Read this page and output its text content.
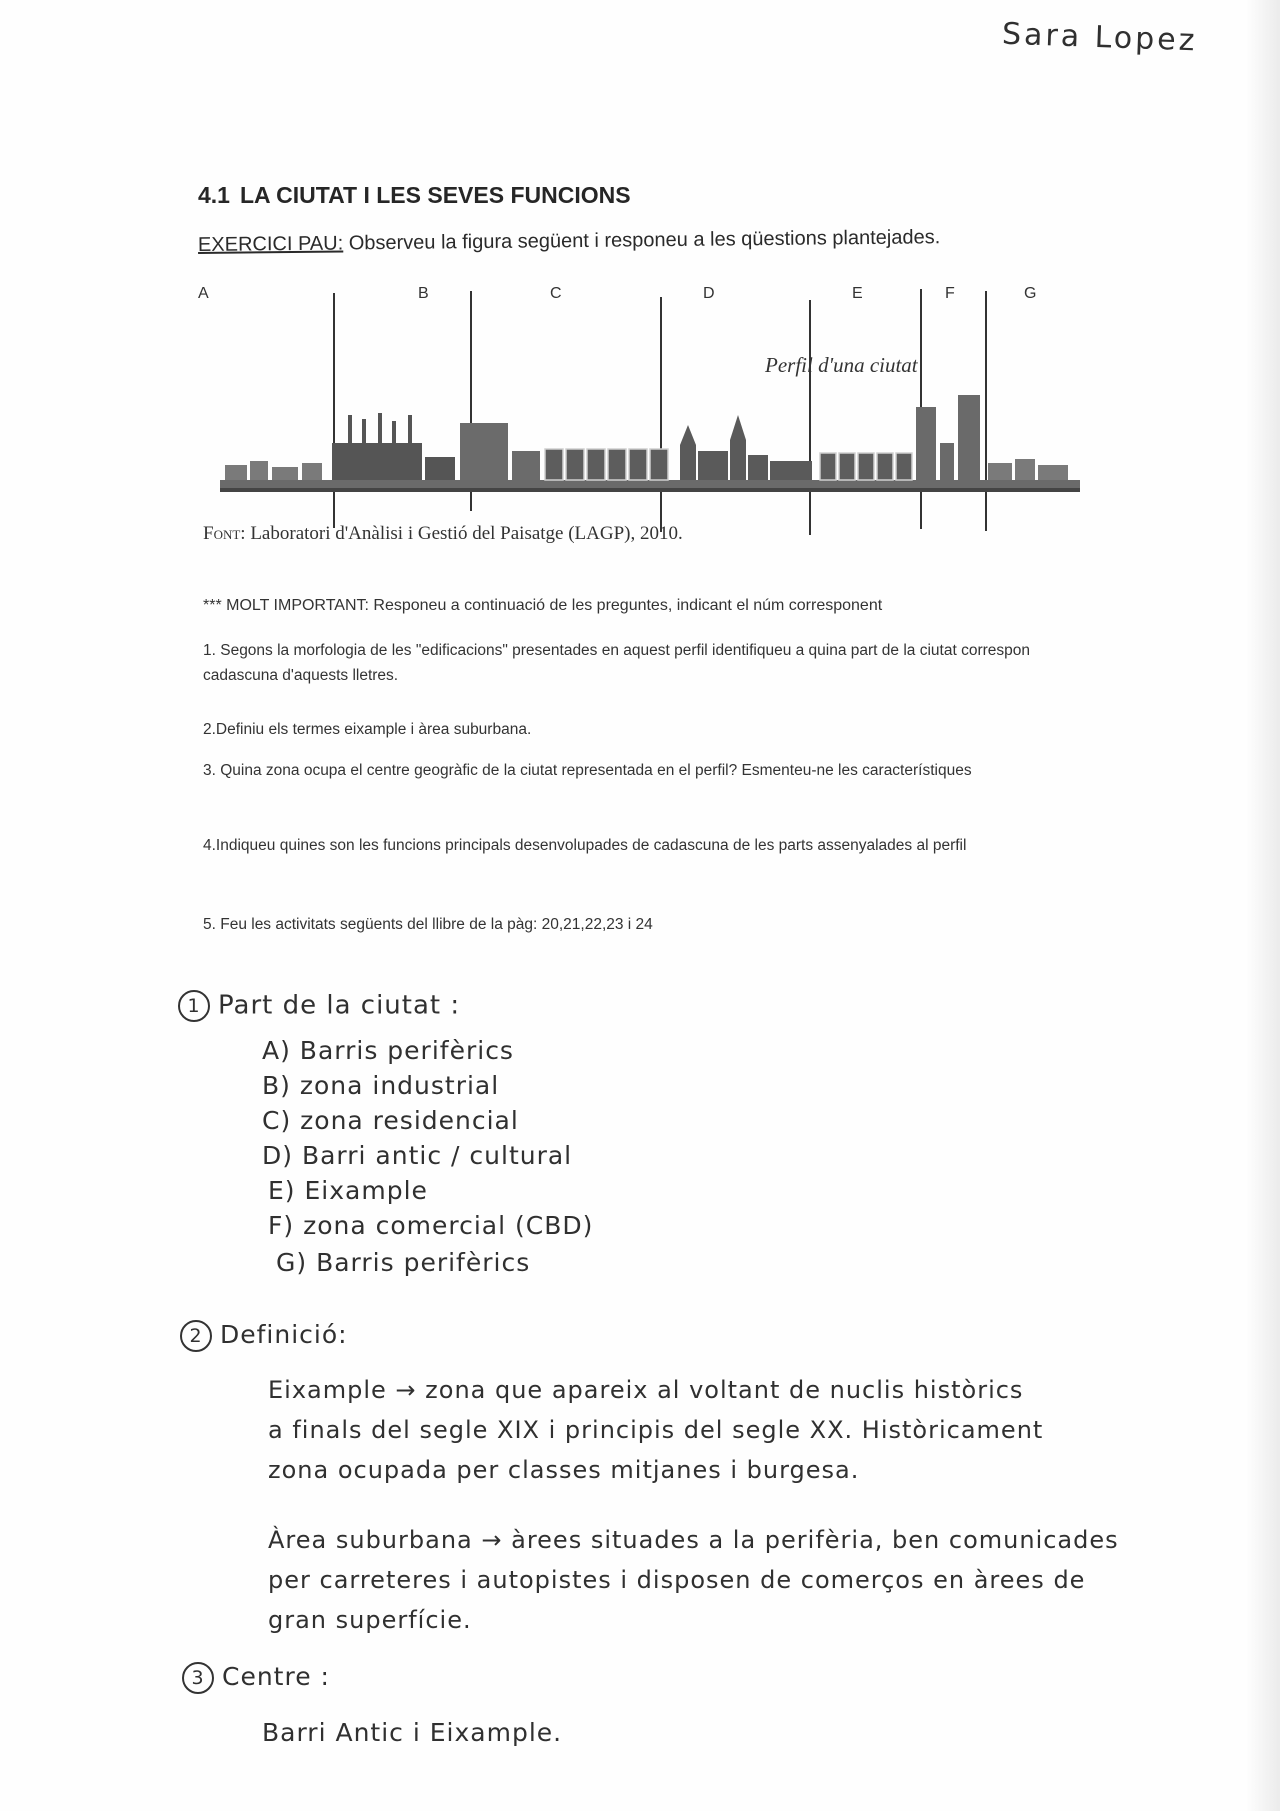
Sara Lopez
4.1 LA CIUTAT I LES SEVES FUNCIONS
EXERCICI PAU: Observeu la figura següent i responeu a les qüestions plantejades.
A	B	C	D	E	F	G
Perfil d'una ciutat
Font: Laboratori d'Anàlisi i Gestió del Paisatge (LAGP), 2010.
*** MOLT IMPORTANT: Responeu a continuació de les preguntes, indicant el núm corresponent
1. Segons la morfologia de les "edificacions" presentades en aquest perfil identifiqueu a quina part de la ciutat correspon cadascuna d'aquests lletres.
2.Definiu els termes eixample i àrea suburbana.
3. Quina zona ocupa el centre geogràfic de la ciutat representada en el perfil? Esmenteu-ne les característiques
4.Indiqueu quines son les funcions principals desenvolupades de cadascuna de les parts assenyalades al perfil
5. Feu les activitats següents del llibre de la pàg: 20,21,22,23 i 24
1 Part de la ciutat :
A) Barris perifèrics
B) zona industrial
C) zona residencial
D) Barri antic / cultural
E) Eixample
F) zona comercial (CBD)
G) Barris perifèrics
2 Definició:
Eixample → zona que apareix al voltant de nuclis històrics
a finals del segle XIX i principis del segle XX. Històricament
zona ocupada per classes mitjanes i burgesa.
Àrea suburbana → àrees situades a la perifèria, ben comunicades
per carreteres i autopistes i disposen de comerços en àrees de
gran superfície.
3 Centre :
Barri Antic i Eixample.
